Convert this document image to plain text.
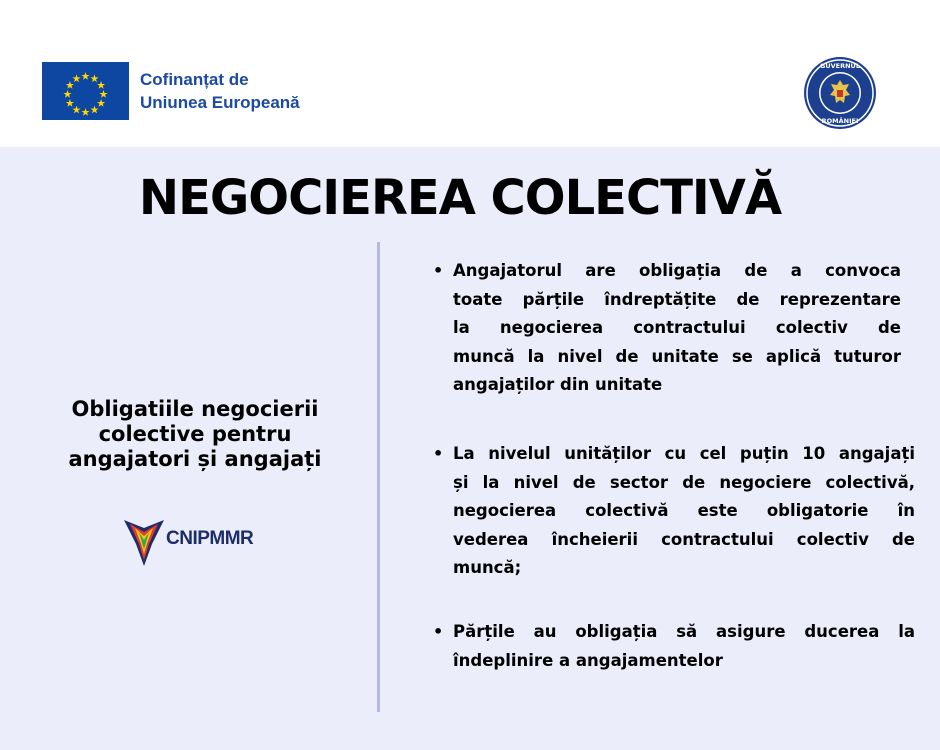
Cofinanțat de
Uniunea Europeană
GUVERNUL
ROMÂNIEI
NEGOCIEREA COLECTIVĂ
Obligatiile negocierii
colective pentru
angajatori și angajați
CNIPMMR
• Angajatorul are obligația de a convoca
toate părțile îndreptățite de reprezentare
la negocierea contractului colectiv de
muncă la nivel de unitate se aplică tuturor
angajaților din unitate
• La nivelul unităților cu cel puțin 10 angajați
și la nivel de sector de negociere colectivă,
negocierea colectivă este obligatorie în
vederea încheierii contractului colectiv de
muncă;
• Părțile au obligația să asigure ducerea la
îndeplinire a angajamentelor
